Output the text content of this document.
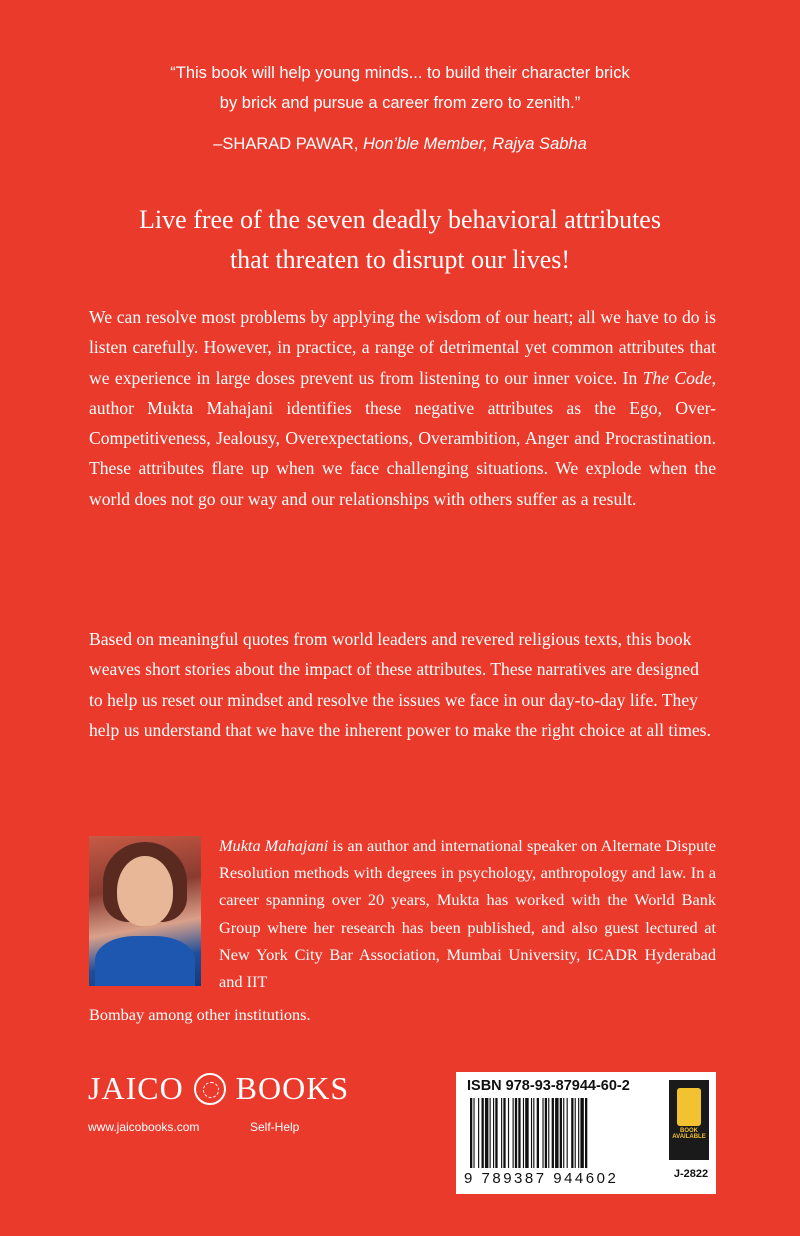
“This book will help young minds... to build their character brick
by brick and pursue a career from zero to zenith.”
–SHARAD PAWAR, Hon’ble Member, Rajya Sabha
Live free of the seven deadly behavioral attributes
that threaten to disrupt our lives!

We can resolve most problems by applying the wisdom of our heart; all we have to do is listen carefully. However, in practice, a range of detrimental yet common attributes that we experience in large doses prevent us from listening to our inner voice. In The Code, author Mukta Mahajani identifies these negative attributes as the Ego, Over-Competitiveness, Jealousy, Overexpectations, Overambition, Anger and Procrastination. These attributes flare up when we face challenging situations. We explode when the world does not go our way and our relationships with others suffer as a result.

Based on meaningful quotes from world leaders and revered religious texts, this book weaves short stories about the impact of these attributes. These narratives are designed to help us reset our mindset and resolve the issues we face in our day-to-day life. They help us understand that we have the inherent power to make the right choice at all times.

Mukta Mahajani is an author and international speaker on Alternate Dispute Resolution methods with degrees in psychology, anthropology and law. In a career spanning over 20 years, Mukta has worked with the World Bank Group where her research has been published, and also guest lectured at New York City Bar Association, Mumbai University, ICADR Hyderabad and IIT

Bombay among other institutions.

JAICO BOOKS
www.jaicobooks.com	Self-Help
ISBN 978-93-87944-60-2
9 789387 944602
BOOK AVAILABLE
J-2822
